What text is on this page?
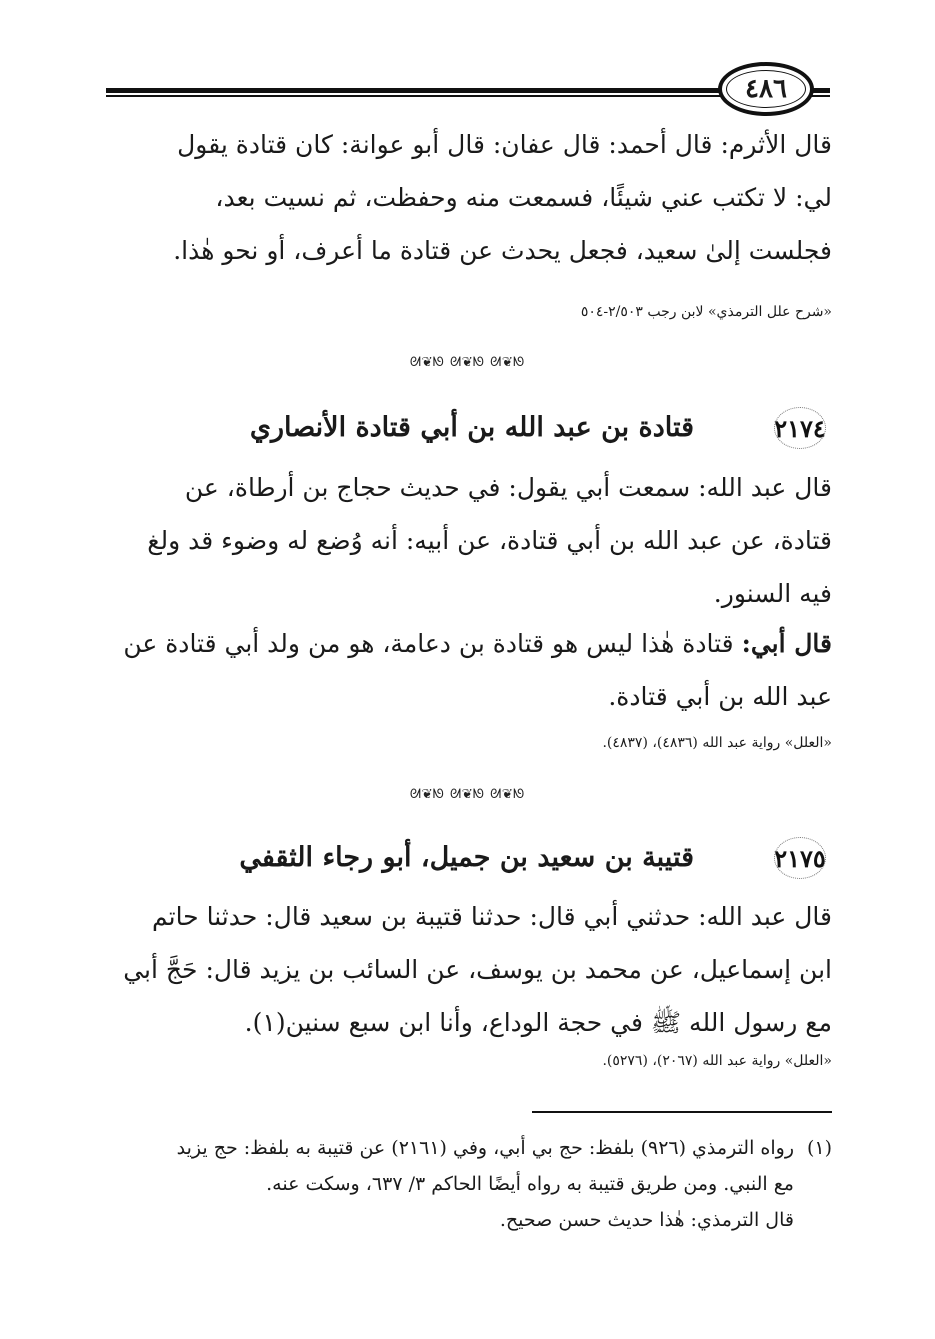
٤٨٦

قال الأثرم: قال أحمد: قال عفان: قال أبو عوانة: كان قتادة يقول

لي: لا تكتب عني شيئًا، فسمعت منه وحفظت، ثم نسيت بعد،

فجلست إلىٰ سعيد، فجعل يحدث عن قتادة ما أعرف، أو نحو هٰذا.

«شرح علل الترمذي» لابن رجب ٢/٥٠٣-٥٠٤

ᘛ❦ᘚ ᘛ❦ᘚ ᘛ❦ᘚ
٢١٧٤
قتادة بن عبد الله بن أبي قتادة الأنصاري

قال عبد الله: سمعت أبي يقول: في حديث حجاج بن أرطاة، عن

قتادة، عن عبد الله بن أبي قتادة، عن أبيه: أنه وُضع له وضوء قد ولغ

فيه السنور.

قال أبي: قتادة هٰذا ليس هو قتادة بن دعامة، هو من ولد أبي قتادة عن

عبد الله بن أبي قتادة.

«العلل» رواية عبد الله (٤٨٣٦)، (٤٨٣٧).

ᘛ❦ᘚ ᘛ❦ᘚ ᘛ❦ᘚ
٢١٧٥
قتيبة بن سعيد بن جميل، أبو رجاء الثقفي

قال عبد الله: حدثني أبي قال: حدثنا قتيبة بن سعيد قال: حدثنا حاتم

ابن إسماعيل، عن محمد بن يوسف، عن السائب بن يزيد قال: حَجَّ أبي

مع رسول الله ﷺ في حجة الوداع، وأنا ابن سبع سنين(١).

«العلل» رواية عبد الله (٢٠٦٧)، (٥٢٧٦).

(١)رواه الترمذي (٩٢٦) بلفظ: حج بي أبي، وفي (٢١٦١) عن قتيبة به بلفظ: حج يزيد

مع النبي. ومن طريق قتيبة به رواه أيضًا الحاكم ٣/ ٦٣٧، وسكت عنه.

قال الترمذي: هٰذا حديث حسن صحيح.
